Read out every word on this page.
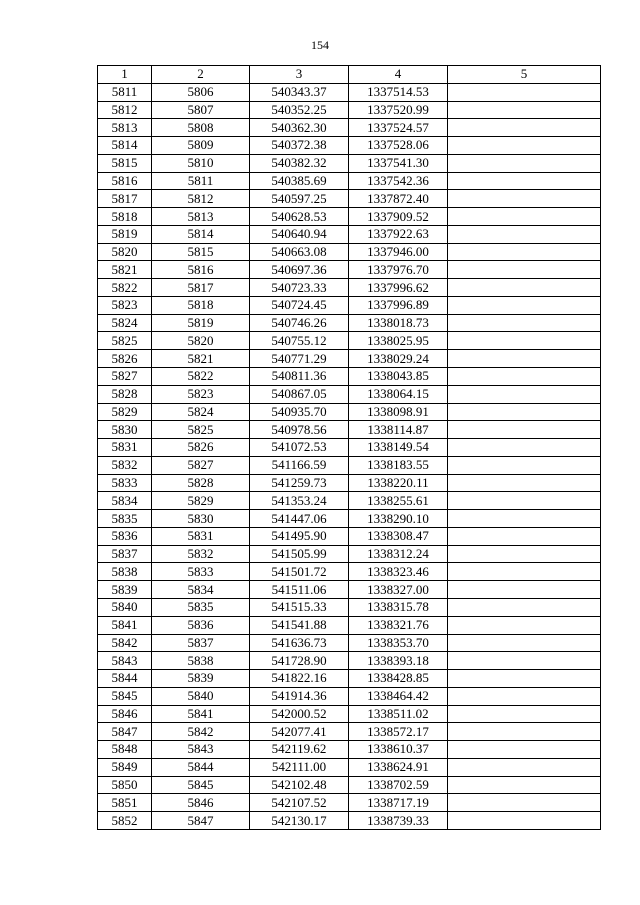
154
1	2	3	4	5
5811	5806	540343.37	1337514.53	
5812	5807	540352.25	1337520.99	
5813	5808	540362.30	1337524.57	
5814	5809	540372.38	1337528.06	
5815	5810	540382.32	1337541.30	
5816	5811	540385.69	1337542.36	
5817	5812	540597.25	1337872.40	
5818	5813	540628.53	1337909.52	
5819	5814	540640.94	1337922.63	
5820	5815	540663.08	1337946.00	
5821	5816	540697.36	1337976.70	
5822	5817	540723.33	1337996.62	
5823	5818	540724.45	1337996.89	
5824	5819	540746.26	1338018.73	
5825	5820	540755.12	1338025.95	
5826	5821	540771.29	1338029.24	
5827	5822	540811.36	1338043.85	
5828	5823	540867.05	1338064.15	
5829	5824	540935.70	1338098.91	
5830	5825	540978.56	1338114.87	
5831	5826	541072.53	1338149.54	
5832	5827	541166.59	1338183.55	
5833	5828	541259.73	1338220.11	
5834	5829	541353.24	1338255.61	
5835	5830	541447.06	1338290.10	
5836	5831	541495.90	1338308.47	
5837	5832	541505.99	1338312.24	
5838	5833	541501.72	1338323.46	
5839	5834	541511.06	1338327.00	
5840	5835	541515.33	1338315.78	
5841	5836	541541.88	1338321.76	
5842	5837	541636.73	1338353.70	
5843	5838	541728.90	1338393.18	
5844	5839	541822.16	1338428.85	
5845	5840	541914.36	1338464.42	
5846	5841	542000.52	1338511.02	
5847	5842	542077.41	1338572.17	
5848	5843	542119.62	1338610.37	
5849	5844	542111.00	1338624.91	
5850	5845	542102.48	1338702.59	
5851	5846	542107.52	1338717.19	
5852	5847	542130.17	1338739.33	
